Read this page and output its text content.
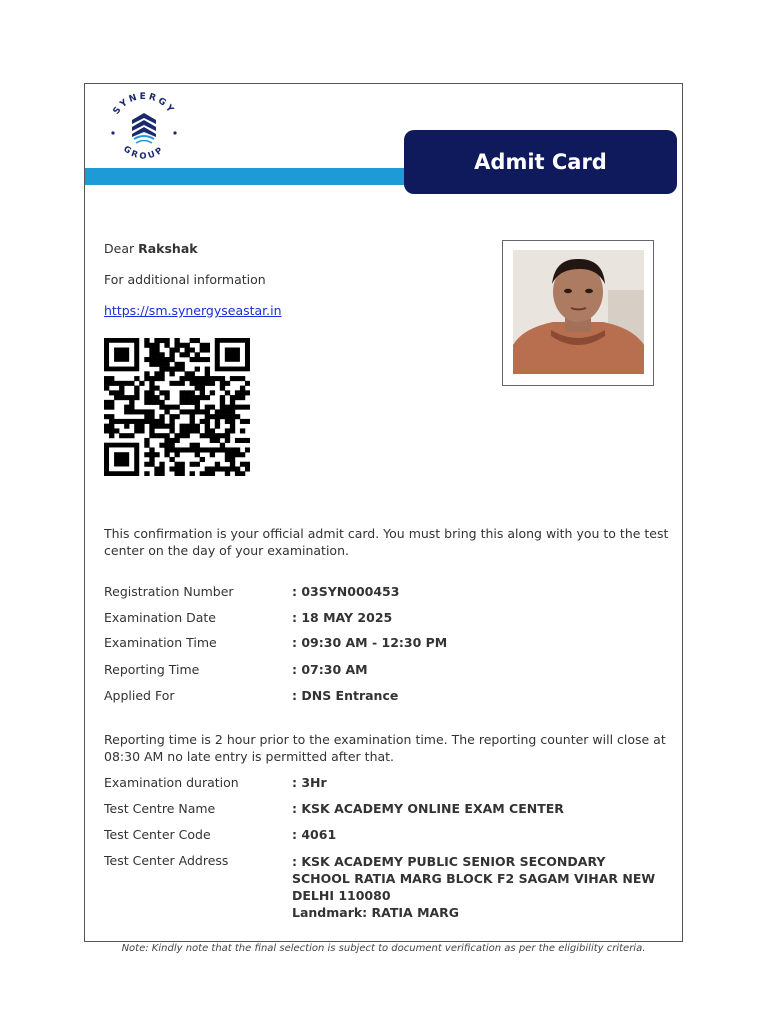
SYNERGY
GROUP	Admit Card
Dear Rakshak
For additional information
https://sm.synergyseastar.in
This confirmation is your official admit card. You must bring this along with you to the test center on the day of your examination.
Registration Number	: 03SYN000453
Examination Date	: 18 MAY 2025
Examination Time	: 09:30 AM - 12:30 PM
Reporting Time	: 07:30 AM
Applied For	: DNS Entrance
Reporting time is 2 hour prior to the examination time. The reporting counter will close at 08:30 AM no late entry is permitted after that.
Examination duration	: 3Hr
Test Centre Name	: KSK ACADEMY ONLINE EXAM CENTER
Test Center Code	: 4061
Test Center Address	: KSK ACADEMY PUBLIC SENIOR SECONDARY
SCHOOL RATIA MARG BLOCK F2 SAGAM VIHAR NEW
DELHI 110080
Landmark: RATIA MARG
Note: Kindly note that the final selection is subject to document verification as per the eligibility criteria.
